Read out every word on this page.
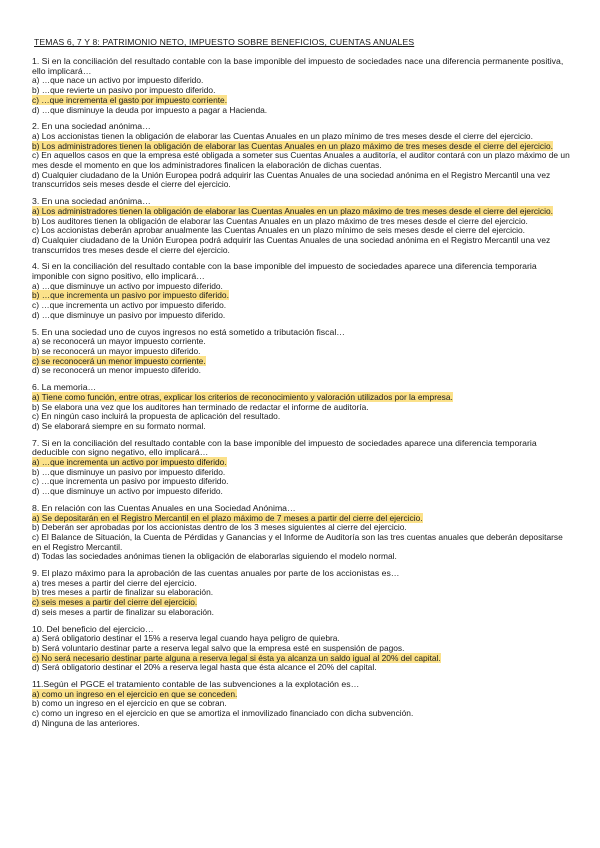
TEMAS 6, 7 Y 8: PATRIMONIO NETO, IMPUESTO SOBRE BENEFICIOS, CUENTAS ANUALES
1. Si en la conciliación del resultado contable con la base imponible del impuesto de sociedades nace una diferencia permanente positiva, ello implicará…
a) …que nace un activo por impuesto diferido.
b) …que revierte un pasivo por impuesto diferido.
c) …que incrementa el gasto por impuesto corriente.
d) …que disminuye la deuda por impuesto a pagar a Hacienda.
2. En una sociedad anónima…
a) Los accionistas tienen la obligación de elaborar las Cuentas Anuales en un plazo mínimo de tres meses desde el cierre del ejercicio.
b) Los administradores tienen la obligación de elaborar las Cuentas Anuales en un plazo máximo de tres meses desde el cierre del ejercicio.
c) En aquellos casos en que la empresa esté obligada a someter sus Cuentas Anuales a auditoría, el auditor contará con un plazo máximo de un mes desde el momento en que los administradores finalicen la elaboración de dichas cuentas.
d) Cualquier ciudadano de la Unión Europea podrá adquirir las Cuentas Anuales de una sociedad anónima en el Registro Mercantil una vez transcurridos seis meses desde el cierre del ejercicio.
3. En una sociedad anónima…
a) Los administradores tienen la obligación de elaborar las Cuentas Anuales en un plazo máximo de tres meses desde el cierre del ejercicio.
b) Los auditores tienen la obligación de elaborar las Cuentas Anuales en un plazo máximo de tres meses desde el cierre del ejercicio.
c) Los accionistas deberán aprobar anualmente las Cuentas Anuales en un plazo mínimo de seis meses desde el cierre del ejercicio.
d) Cualquier ciudadano de la Unión Europea podrá adquirir las Cuentas Anuales de una sociedad anónima en el Registro Mercantil una vez transcurridos tres meses desde el cierre del ejercicio.
4. Si en la conciliación del resultado contable con la base imponible del impuesto de sociedades aparece una diferencia temporaria imponible con signo positivo, ello implicará…
a) …que disminuye un activo por impuesto diferido.
b) …que incrementa un pasivo por impuesto diferido.
c) …que incrementa un activo por impuesto diferido.
d) …que disminuye un pasivo por impuesto diferido.
5. En una sociedad uno de cuyos ingresos no está sometido a tributación fiscal…
a) se reconocerá un mayor impuesto corriente.
b) se reconocerá un mayor impuesto diferido.
c) se reconocerá un menor impuesto corriente.
d) se reconocerá un menor impuesto diferido.
6. La memoria…
a) Tiene como función, entre otras, explicar los criterios de reconocimiento y valoración utilizados por la empresa.
b) Se elabora una vez que los auditores han terminado de redactar el informe de auditoría.
c) En ningún caso incluirá la propuesta de aplicación del resultado.
d) Se elaborará siempre en su formato normal.
7. Si en la conciliación del resultado contable con la base imponible del impuesto de sociedades aparece una diferencia temporaria deducible con signo negativo, ello implicará…
a) …que incrementa un activo por impuesto diferido.
b) …que disminuye un pasivo por impuesto diferido.
c) …que incrementa un pasivo por impuesto diferido.
d) …que disminuye un activo por impuesto diferido.
8. En relación con las Cuentas Anuales en una Sociedad Anónima…
a) Se depositarán en el Registro Mercantil en el plazo máximo de 7 meses a partir del cierre del ejercicio.
b) Deberán ser aprobadas por los accionistas dentro de los 3 meses siguientes al cierre del ejercicio.
c) El Balance de Situación, la Cuenta de Pérdidas y Ganancias y el Informe de Auditoría son las tres cuentas anuales que deberán depositarse en el Registro Mercantil.
d) Todas las sociedades anónimas tienen la obligación de elaborarlas siguiendo el modelo normal.
9. El plazo máximo para la aprobación de las cuentas anuales por parte de los accionistas es…
a) tres meses a partir del cierre del ejercicio.
b) tres meses a partir de finalizar su elaboración.
c) seis meses a partir del cierre del ejercicio.
d) seis meses a partir de finalizar su elaboración.
10. Del beneficio del ejercicio…
a) Será obligatorio destinar el 15% a reserva legal cuando haya peligro de quiebra.
b) Será voluntario destinar parte a reserva legal salvo que la empresa esté en suspensión de pagos.
c) No será necesario destinar parte alguna a reserva legal si ésta ya alcanza un saldo igual al 20% del capital.
d) Será obligatorio destinar el 20% a reserva legal hasta que ésta alcance el 20% del capital.
11.Según el PGCE el tratamiento contable de las subvenciones a la explotación es…
a) como un ingreso en el ejercicio en que se conceden.
b) como un ingreso en el ejercicio en que se cobran.
c) como un ingreso en el ejercicio en que se amortiza el inmovilizado financiado con dicha subvención.
d) Ninguna de las anteriores.
